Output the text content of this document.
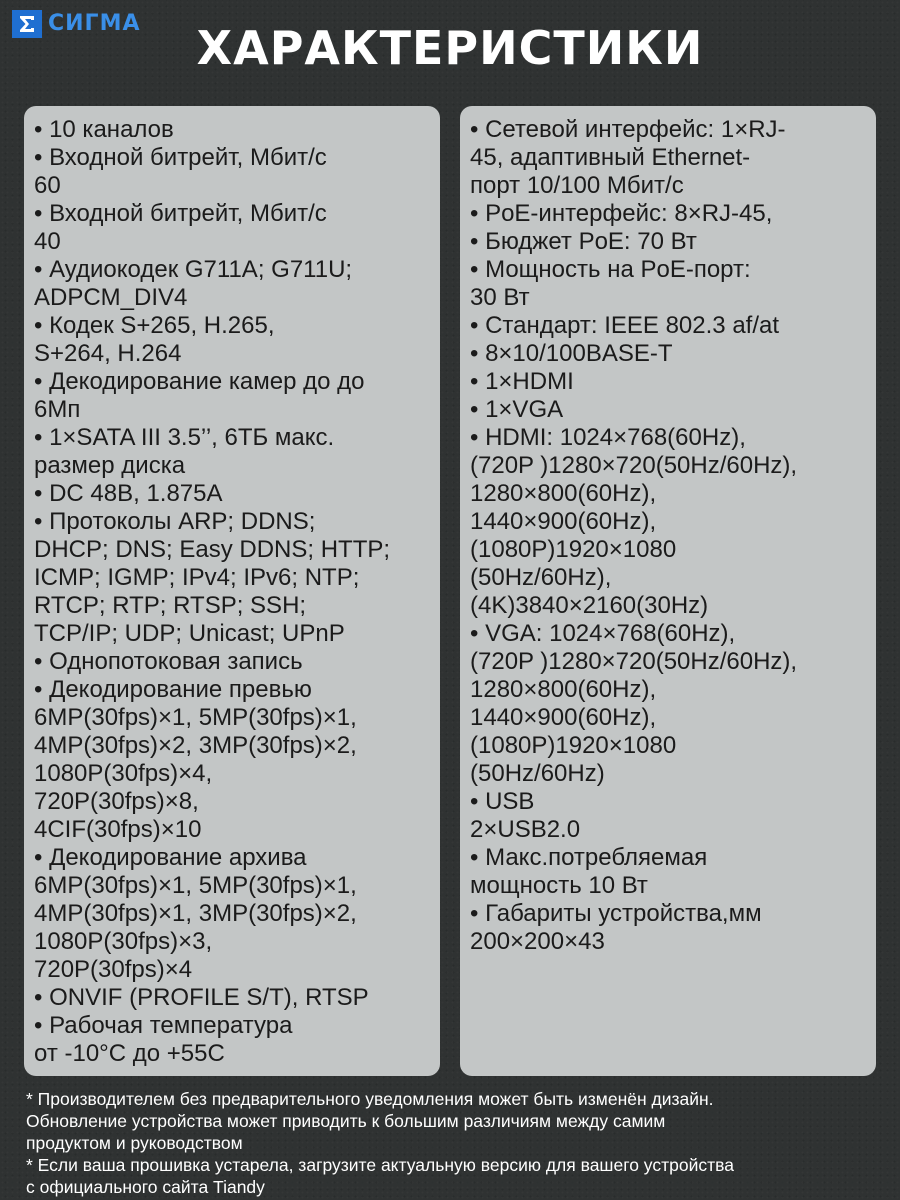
СИГМА	ХАРАКТЕРИСТИКИ
• 10 каналов
• Входной битрейт, Мбит/с
60
• Входной битрейт, Мбит/с
40
• Аудиокодек G711A; G711U;
ADPCM_DIV4
• Кодек S+265, H.265,
S+264, H.264
• Декодирование камер до до
6Мп
• 1×SATA III 3.5’’, 6ТБ макс.
размер диска
• DC 48В, 1.875А
• Протоколы ARP; DDNS;
DHCP; DNS; Easy DDNS; HTTP;
ICMP; IGMP; IPv4; IPv6; NTP;
RTCP; RTP; RTSP; SSH;
TCP/IP; UDP; Unicast; UPnP
• Однопотоковая запись
• Декодирование превью
6MP(30fps)×1, 5MP(30fps)×1,
4MP(30fps)×2, 3MP(30fps)×2,
1080P(30fps)×4,
720P(30fps)×8,
4CIF(30fps)×10
• Декодирование архива
6MP(30fps)×1, 5MP(30fps)×1,
4MP(30fps)×1, 3MP(30fps)×2,
1080P(30fps)×3,
720P(30fps)×4
• ONVIF (PROFILE S/T), RTSP
• Рабочая температура
от -10°С до +55С
• Сетевой интерфейс: 1×RJ-
45, адаптивный Ethernet-
порт 10/100 Мбит/с
• PoE-интерфейс: 8×RJ-45,
• Бюджет PoE: 70 Вт
• Мощность на PoE-порт:
30 Вт
• Стандарт: IEEE 802.3 af/at
• 8×10/100BASE-T
• 1×HDMI
• 1×VGA
• HDMI: 1024×768(60Hz),
(720P )1280×720(50Hz/60Hz),
1280×800(60Hz),
1440×900(60Hz),
(1080P)1920×1080
(50Hz/60Hz),
(4K)3840×2160(30Hz)
• VGA: 1024×768(60Hz),
(720P )1280×720(50Hz/60Hz),
1280×800(60Hz),
1440×900(60Hz),
(1080P)1920×1080
(50Hz/60Hz)
• USB
2×USB2.0
• Макс.потребляемая
мощность 10 Вт
• Габариты устройства,мм
200×200×43
* Производителем без предварительного уведомления может быть изменён дизайн.
Обновление устройства может приводить к большим различиям между самим
продуктом и руководством
* Если ваша прошивка устарела, загрузите актуальную версию для вашего устройства
с официального сайта Tiandy
